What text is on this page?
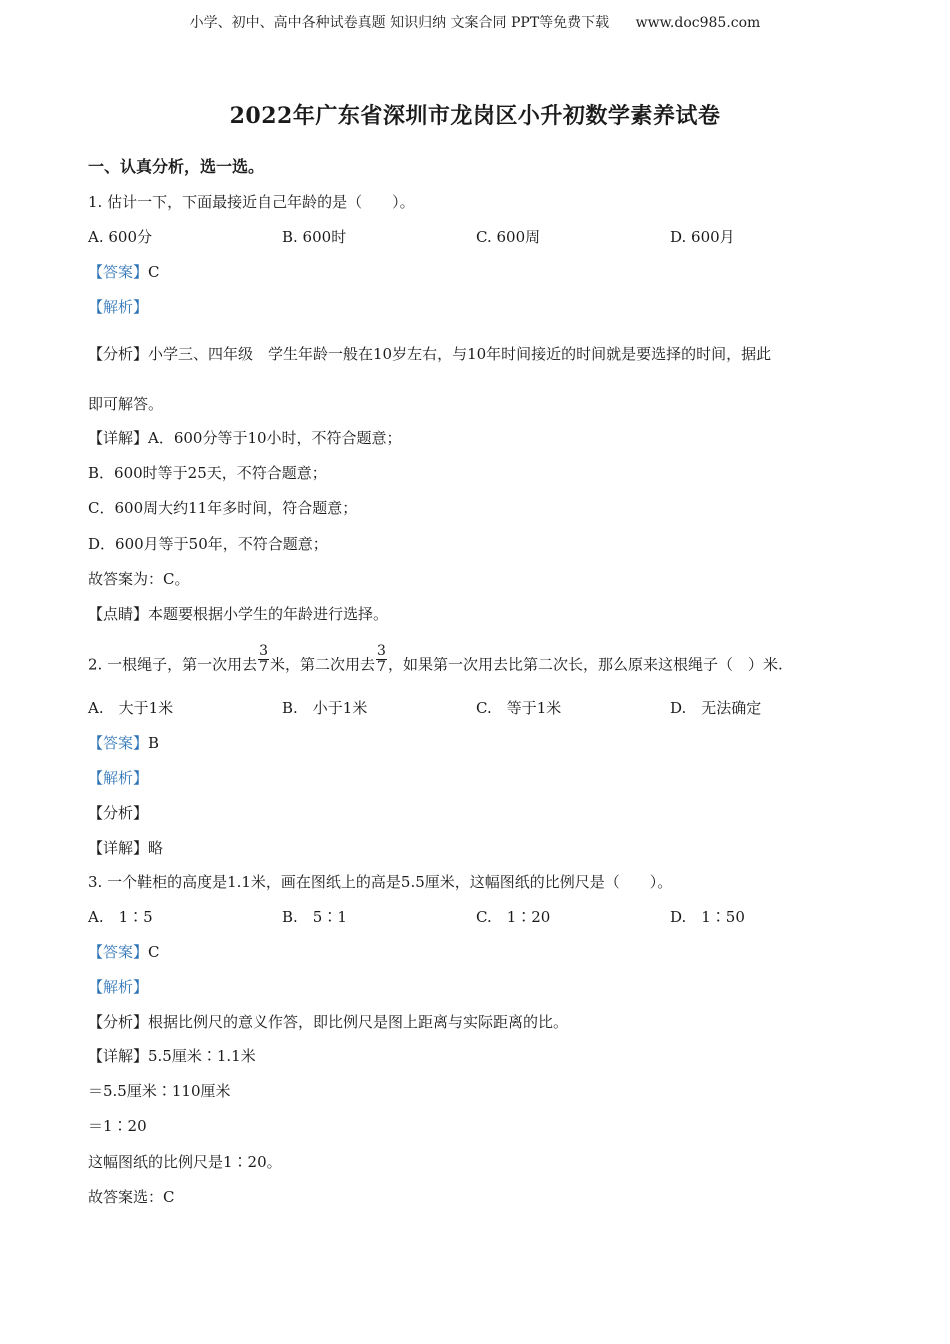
小学、初中、高中各种试卷真题 知识归纳 文案合同 PPT等免费下载 www.doc985.com
2022年广东省深圳市龙岗区小升初数学素养试卷
一、认真分析，选一选。
1. 估计一下，下面最接近自己年龄的是（　　）。
A. 600分	B. 600时	C. 600周	D. 600月
【答案】C
【解析】
【分析】小学三、四年级　学生年龄一般在10岁左右，与10年时间接近的时间就是要选择的时间，据此
即可解答。
【详解】A．600分等于10小时，不符合题意；
B．600时等于25天，不符合题意；
C．600周大约11年多时间，符合题意；
D．600月等于50年，不符合题意；
故答案为：C。
【点睛】本题要根据小学生的年龄进行选择。
2. 一根绳子，第一次用去 $\frac{3}{7}$ 米，第二次用去 $\frac{3}{7}$ ，如果第一次用去比第二次长，那么原来这根绳子（　）米.
A.　大于1米	B.　小于1米	C.　等于1米	D.　无法确定
【答案】B
【解析】
【分析】
【详解】略
3. 一个鞋柜的高度是1.1米，画在图纸上的高是5.5厘米，这幅图纸的比例尺是（　　）。
A.　1∶5	B.　5∶1	C.　1∶20	D.　1∶50
【答案】C
【解析】
【分析】根据比例尺的意义作答，即比例尺是图上距离与实际距离的比。
【详解】5.5厘米∶1.1米
＝5.5厘米∶110厘米
＝1∶20
这幅图纸的比例尺是1∶20。
故答案选：C
